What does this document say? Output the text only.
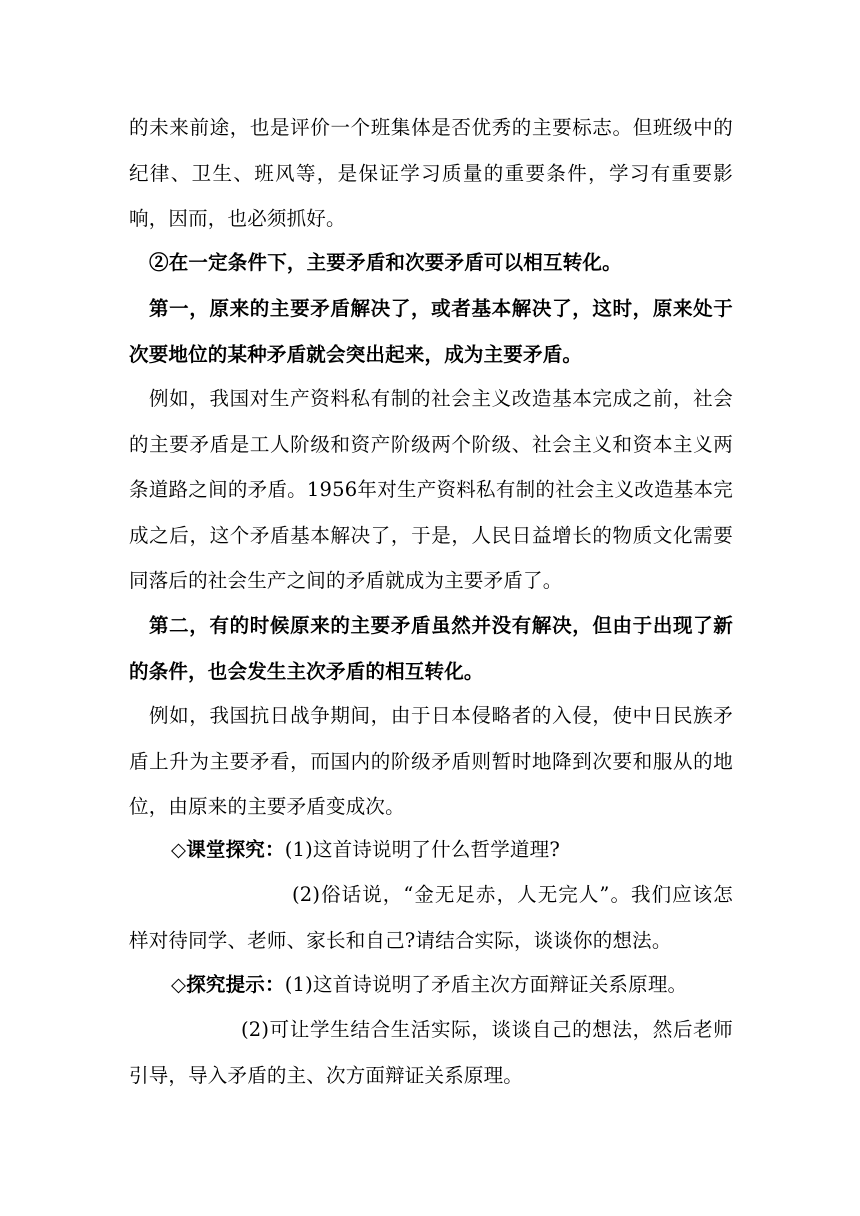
的未来前途，也是评价一个班集体是否优秀的主要标志。但班级中的纪律、卫生、班风等，是保证学习质量的重要条件，学习有重要影响，因而，也必须抓好。

②在一定条件下，主要矛盾和次要矛盾可以相互转化。

第一，原来的主要矛盾解决了，或者基本解决了，这时，原来处于次要地位的某种矛盾就会突出起来，成为主要矛盾。

例如，我国对生产资料私有制的社会主义改造基本完成之前，社会的主要矛盾是工人阶级和资产阶级两个阶级、社会主义和资本主义两条道路之间的矛盾。1956年对生产资料私有制的社会主义改造基本完成之后，这个矛盾基本解决了，于是，人民日益增长的物质文化需要同落后的社会生产之间的矛盾就成为主要矛盾了。

第二，有的时候原来的主要矛盾虽然并没有解决，但由于出现了新的条件，也会发生主次矛盾的相互转化。

例如，我国抗日战争期间，由于日本侵略者的入侵，使中日民族矛盾上升为主要矛看，而国内的阶级矛盾则暂时地降到次要和服从的地位，由原来的主要矛盾变成次。

◇课堂探究：(1)这首诗说明了什么哲学道理?

(2)俗话说，“金无足赤，人无完人”。我们应该怎样对待同学、老师、家长和自己?请结合实际，谈谈你的想法。

◇探究提示：(1)这首诗说明了矛盾主次方面辩证关系原理。

(2)可让学生结合生活实际，谈谈自己的想法，然后老师引导，导入矛盾的主、次方面辩证关系原理。
